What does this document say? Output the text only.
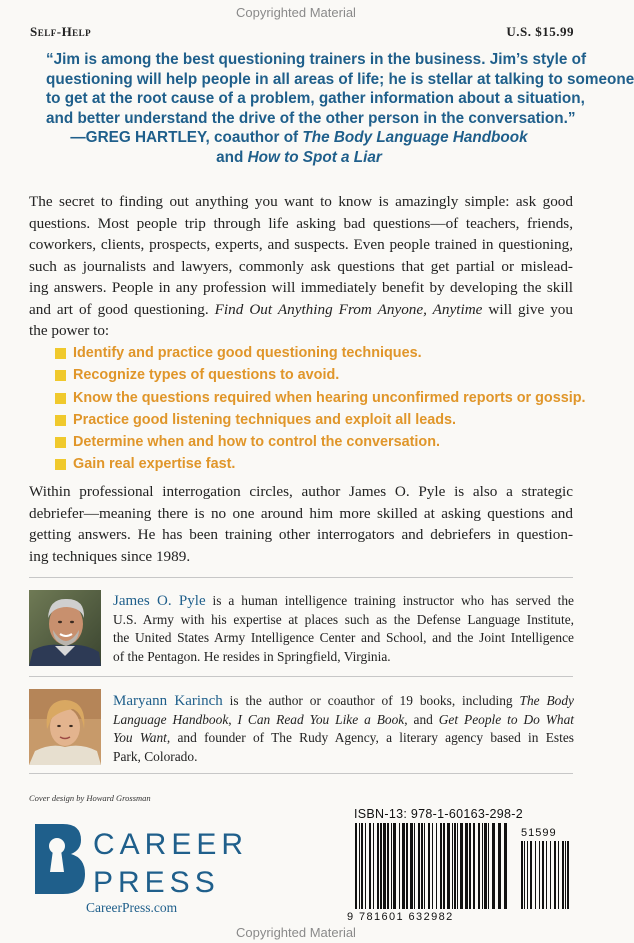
Copyrighted Material
Self-Help	U.S. $15.99
“Jim is among the best questioning trainers in the business. Jim’s style of
questioning will help people in all areas of life; he is stellar at talking to someone
to get at the root cause of a problem, gather information about a situation,
and better understand the drive of the other person in the conversation.”
—GREG HARTLEY, coauthor of The Body Language Handbook
and How to Spot a Liar
The secret to finding out anything you want to know is amazingly simple: ask good
questions. Most people trip through life asking bad questions—of teachers, friends,
coworkers, clients, prospects, experts, and suspects. Even people trained in questioning,
such as journalists and lawyers, commonly ask questions that get partial or mislead-
ing answers. People in any profession will immediately benefit by developing the skill
and art of good questioning. Find Out Anything From Anyone, Anytime will give you
the power to:
Identify and practice good questioning techniques.
Recognize types of questions to avoid.
Know the questions required when hearing unconfirmed reports or gossip.
Practice good listening techniques and exploit all leads.
Determine when and how to control the conversation.
Gain real expertise fast.
Within professional interrogation circles, author James O. Pyle is also a strategic
debriefer—meaning there is no one around him more skilled at asking questions and
getting answers. He has been training other interrogators and debriefers in question-
ing techniques since 1989.
James O. Pyle is a human intelligence training instructor who has served the
U.S. Army with his expertise at places such as the Defense Language Institute,
the United States Army Intelligence Center and School, and the Joint Intelligence
of the Pentagon. He resides in Springfield, Virginia.
Maryann Karinch is the author or coauthor of 19 books, including The Body
Language Handbook, I Can Read You Like a Book, and Get People to Do What
You Want, and founder of The Rudy Agency, a literary agency based in Estes
Park, Colorado.
Cover design by Howard Grossman
CAREER
PRESS
CareerPress.com
ISBN-13: 978-1-60163-298-2
51599
9 781601 632982
Copyrighted Material
